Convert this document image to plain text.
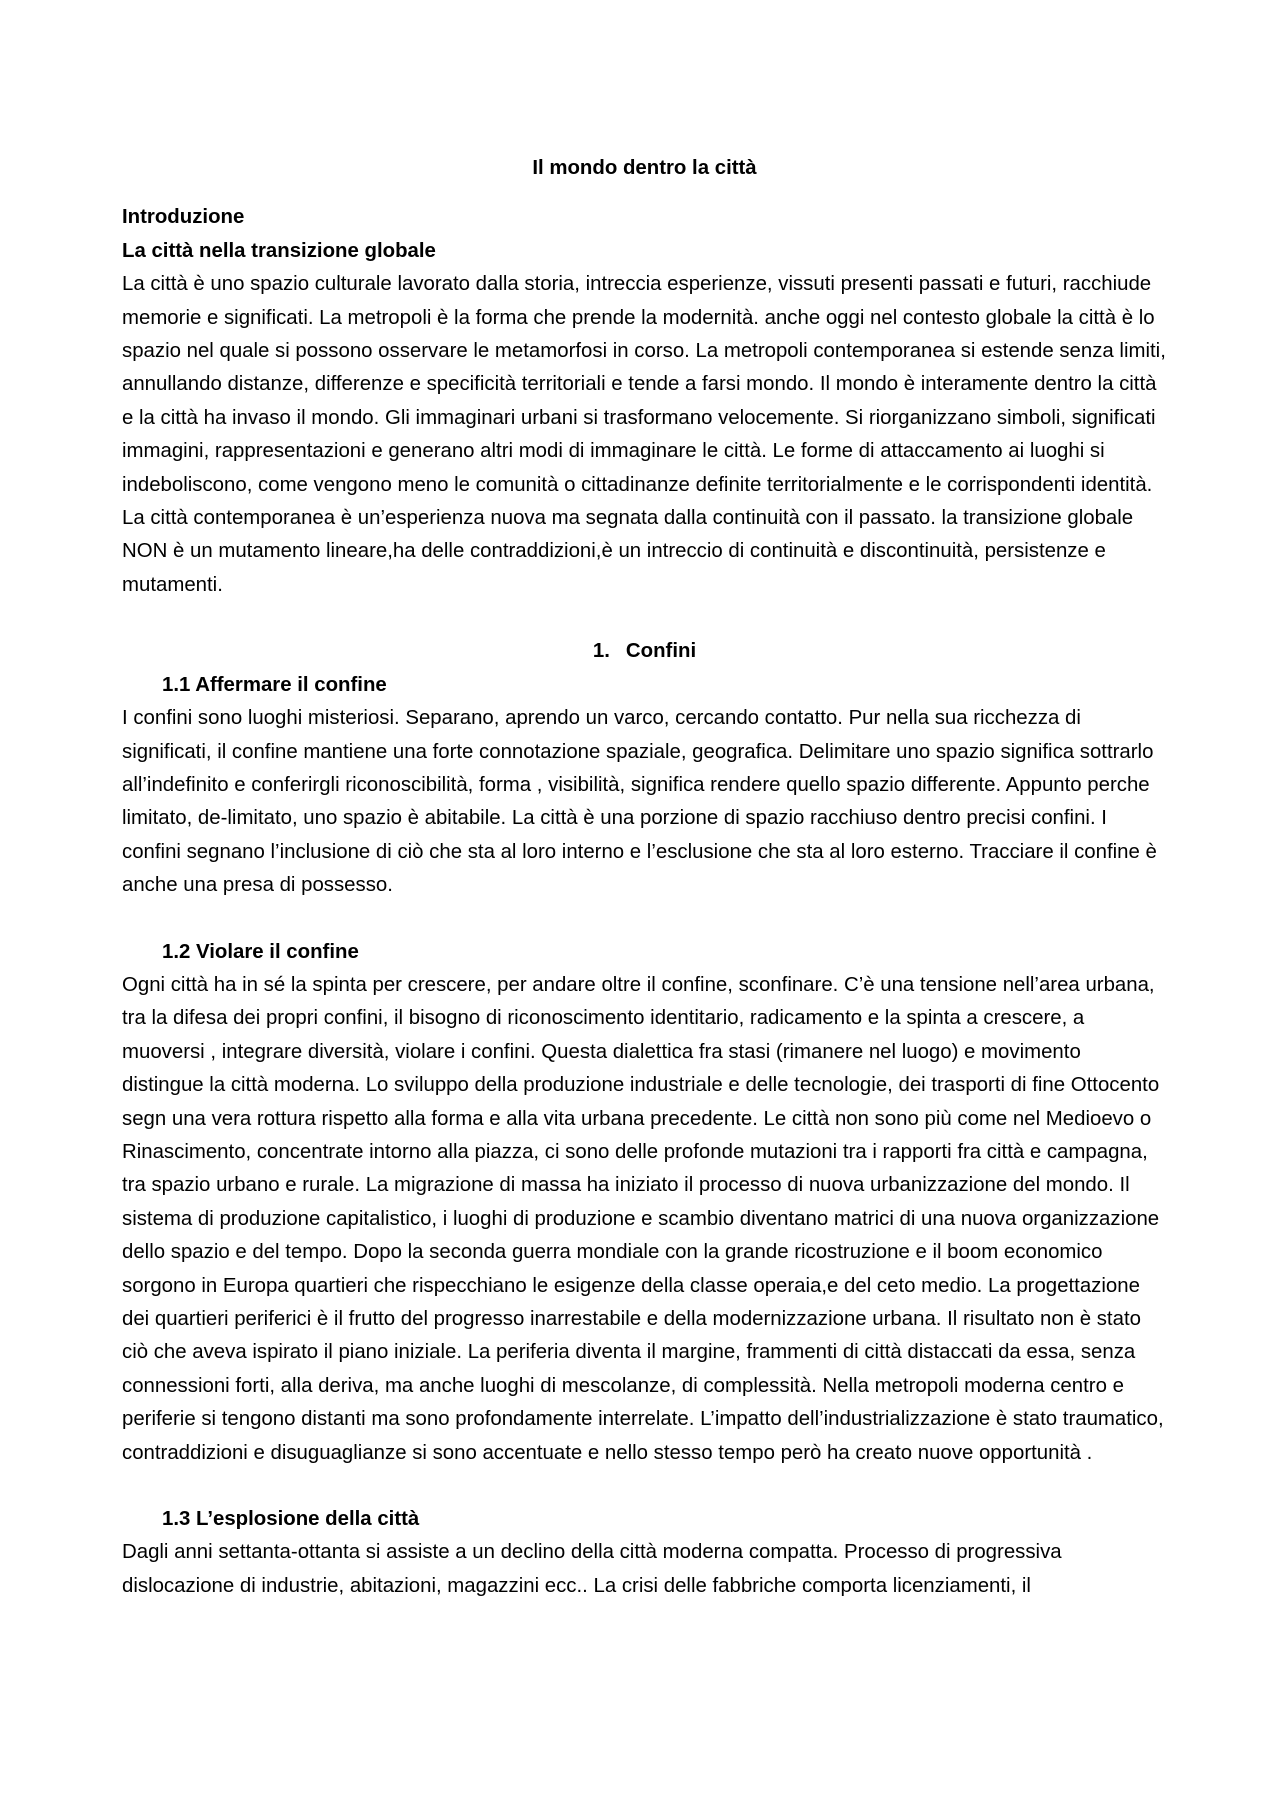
Il mondo dentro la città

Introduzione

La città nella transizione globale

La città è uno spazio culturale lavorato dalla storia, intreccia esperienze, vissuti presenti passati e futuri, racchiude memorie e significati. La metropoli è la forma che prende la modernità. anche oggi nel contesto globale la città è lo spazio nel quale si possono osservare le metamorfosi in corso. La metropoli contemporanea si estende senza limiti, annullando distanze, differenze e specificità territoriali e tende a farsi mondo. Il mondo è interamente dentro la città e la città ha invaso il mondo. Gli immaginari urbani si trasformano velocemente. Si riorganizzano simboli, significati immagini, rappresentazioni e generano altri modi di immaginare le città. Le forme di attaccamento ai luoghi si indeboliscono, come vengono meno le comunità o cittadinanze definite territorialmente e le corrispondenti identità. La città contemporanea è un’esperienza nuova ma segnata dalla continuità con il passato. la transizione globale NON è un mutamento lineare,ha delle contraddizioni,è un intreccio di continuità e discontinuità, persistenze e mutamenti.

1. Confini

1.1 Affermare il confine

I confini sono luoghi misteriosi. Separano, aprendo un varco, cercando contatto. Pur nella sua ricchezza di significati, il confine mantiene una forte connotazione spaziale, geografica. Delimitare uno spazio significa sottrarlo all’indefinito e conferirgli riconoscibilità, forma , visibilità, significa rendere quello spazio differente. Appunto perche limitato, de-limitato, uno spazio è abitabile. La città è una porzione di spazio racchiuso dentro precisi confini. I confini segnano l’inclusione di ciò che sta al loro interno e l’esclusione che sta al loro esterno. Tracciare il confine è anche una presa di possesso.

1.2 Violare il confine

Ogni città ha in sé la spinta per crescere, per andare oltre il confine, sconfinare. C’è una tensione nell’area urbana, tra la difesa dei propri confini, il bisogno di riconoscimento identitario, radicamento e la spinta a crescere, a muoversi , integrare diversità, violare i confini. Questa dialettica fra stasi (rimanere nel luogo) e movimento distingue la città moderna. Lo sviluppo della produzione industriale e delle tecnologie, dei trasporti di fine Ottocento segn una vera rottura rispetto alla forma e alla vita urbana precedente. Le città non sono più come nel Medioevo o Rinascimento, concentrate intorno alla piazza, ci sono delle profonde mutazioni tra i rapporti fra città e campagna, tra spazio urbano e rurale. La migrazione di massa ha iniziato il processo di nuova urbanizzazione del mondo. Il sistema di produzione capitalistico, i luoghi di produzione e scambio diventano matrici di una nuova organizzazione dello spazio e del tempo. Dopo la seconda guerra mondiale con la grande ricostruzione e il boom economico sorgono in Europa quartieri che rispecchiano le esigenze della classe operaia,e del ceto medio. La progettazione dei quartieri periferici è il frutto del progresso inarrestabile e della modernizzazione urbana. Il risultato non è stato ciò che aveva ispirato il piano iniziale. La periferia diventa il margine, frammenti di città distaccati da essa, senza connessioni forti, alla deriva, ma anche luoghi di mescolanze, di complessità. Nella metropoli moderna centro e periferie si tengono distanti ma sono profondamente interrelate. L’impatto dell’industrializzazione è stato traumatico, contraddizioni e disuguaglianze si sono accentuate e nello stesso tempo però ha creato nuove opportunità .

1.3 L’esplosione della città

Dagli anni settanta-ottanta si assiste a un declino della città moderna compatta. Processo di progressiva dislocazione di industrie, abitazioni, magazzini ecc.. La crisi delle fabbriche comporta licenziamenti, il
